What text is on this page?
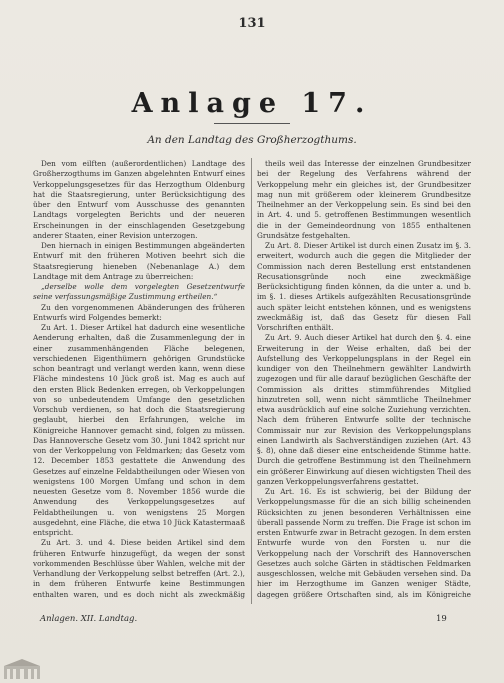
131
Anlage 17.
An den Landtag des Großherzogthums.

Den vom eilften (außerordentlichen) Landtage des Großherzogthums im Ganzen abgelehnten Entwurf eines Verkoppelungsgesetzes für das Herzogthum Oldenburg hat die Staatsregierung, unter Berücksichtigung des über den Entwurf vom Ausschusse des genannten Landtags vorgelegten Berichts und der neueren Erscheinungen in der einschlagenden Gesetzgebung anderer Staaten, einer Revision unterzogen.

Den hiernach in einigen Bestimmungen abgeänderten Entwurf mit den früheren Motiven beehrt sich die Staatsregierung hieneben (Nebenanlage A.) dem Landtage mit dem Antrage zu überreichen:

„derselbe wolle dem vorgelegten Gesetzentwurfe seine verfassungsmäßige Zustimmung ertheilen.“

Zu den vorgenommenen Abänderungen des früheren Entwurfs wird Folgendes bemerkt:

Zu Art. 1. Dieser Artikel hat dadurch eine wesentliche Aenderung erhalten, daß die Zusammenlegung der in einer zusammenhängenden Fläche belegenen, verschiedenen Eigenthümern gehörigen Grundstücke schon beantragt und verlangt werden kann, wenn diese Fläche mindestens 10 Jück groß ist. Mag es auch auf den ersten Blick Bedenken erregen, ob Verkoppelungen von so unbedeutendem Umfange den gesetzlichen Vorschub verdienen, so hat doch die Staatsregierung geglaubt, hierbei den Erfahrungen, welche im Königreiche Hannover gemacht sind, folgen zu müssen. Das Hannoversche Gesetz vom 30. Juni 1842 spricht nur von der Verkoppelung von Feldmarken; das Gesetz vom 12. December 1853 gestattete die Anwendung des Gesetzes auf einzelne Feldabtheilungen oder Wiesen von wenigstens 100 Morgen Umfang und schon in dem neuesten Gesetze vom 8. November 1856 wurde die Anwendung des Verkoppelungsgesetzes auf Feldabtheilungen u. von wenigstens 25 Morgen ausgedehnt, eine Fläche, die etwa 10 Jück Katastermaaß entspricht.

Zu Art. 3. und 4. Diese beiden Artikel sind dem früheren Entwurfe hinzugefügt, da wegen der sonst vorkommenden Beschlüsse über Wahlen, welche mit der Verhandlung der Verkoppelung selbst betreffen (Art. 2.), in dem früheren Entwurfe keine Bestimmungen enthalten waren, und es doch nicht als zweckmäßig

theils weil das Interesse der einzelnen Grundbesitzer bei der Regelung des Verfahrens während der Verkoppelung mehr ein gleiches ist, der Grundbesitzer mag nun mit größerem oder kleinerem Grundbesitze Theilnehmer an der Verkoppelung sein. Es sind bei den in Art. 4. und 5. getroffenen Bestimmungen wesentlich die in der Gemeindeordnung von 1855 enthaltenen Grundsätze festgehalten.

Zu Art. 8. Dieser Artikel ist durch einen Zusatz im §. 3. erweitert, wodurch auch die gegen die Mitglieder der Commission nach deren Bestellung erst entstandenen Recusationsgründe noch eine zweckmäßige Berücksichtigung finden können, da die unter a. und b. im §. 1. dieses Artikels aufgezählten Recusationsgründe auch später leicht entstehen können, und es wenigstens zweckmäßig ist, daß das Gesetz für diesen Fall Vorschriften enthält.

Zu Art. 9. Auch dieser Artikel hat durch den §. 4. eine Erweiterung in der Weise erhalten, daß bei der Aufstellung des Verkoppelungsplans in der Regel ein kundiger von den Theilnehmern gewählter Landwirth zugezogen und für alle darauf bezüglichen Geschäfte der Commission als drittes stimmführendes Mitglied hinzutreten soll, wenn nicht sämmtliche Theilnehmer etwa ausdrücklich auf eine solche Zuziehung verzichten. Nach dem früheren Entwurfe sollte der technische Commissair nur zur Revision des Verkoppelungsplans einen Landwirth als Sachverständigen zuziehen (Art. 43 §. 8), ohne daß dieser eine entscheidende Stimme hatte. Durch die getroffene Bestimmung ist den Theilnehmern ein größerer Einwirkung auf diesen wichtigsten Theil des ganzen Verkoppelungsverfahrens gestattet.

Zu Art. 16. Es ist schwierig, bei der Bildung der Verkoppelungsmasse für die an sich billig scheinenden Rücksichten zu jenen besonderen Verhältnissen eine überall passende Norm zu treffen. Die Frage ist schon im ersten Entwurfe zwar in Betracht gezogen. In dem ersten Entwurfe wurde von den Forsten u. nur die Verkoppelung nach der Vorschrift des Hannoverschen Gesetzes auch solche Gärten in städtischen Feldmarken ausgeschlossen, welche mit Gebäuden versehen sind. Da hier im Herzogthume im Ganzen weniger Städte, dagegen größere Ortschaften sind, als im Königreiche

Anlagen. XII. Landtag.	19
